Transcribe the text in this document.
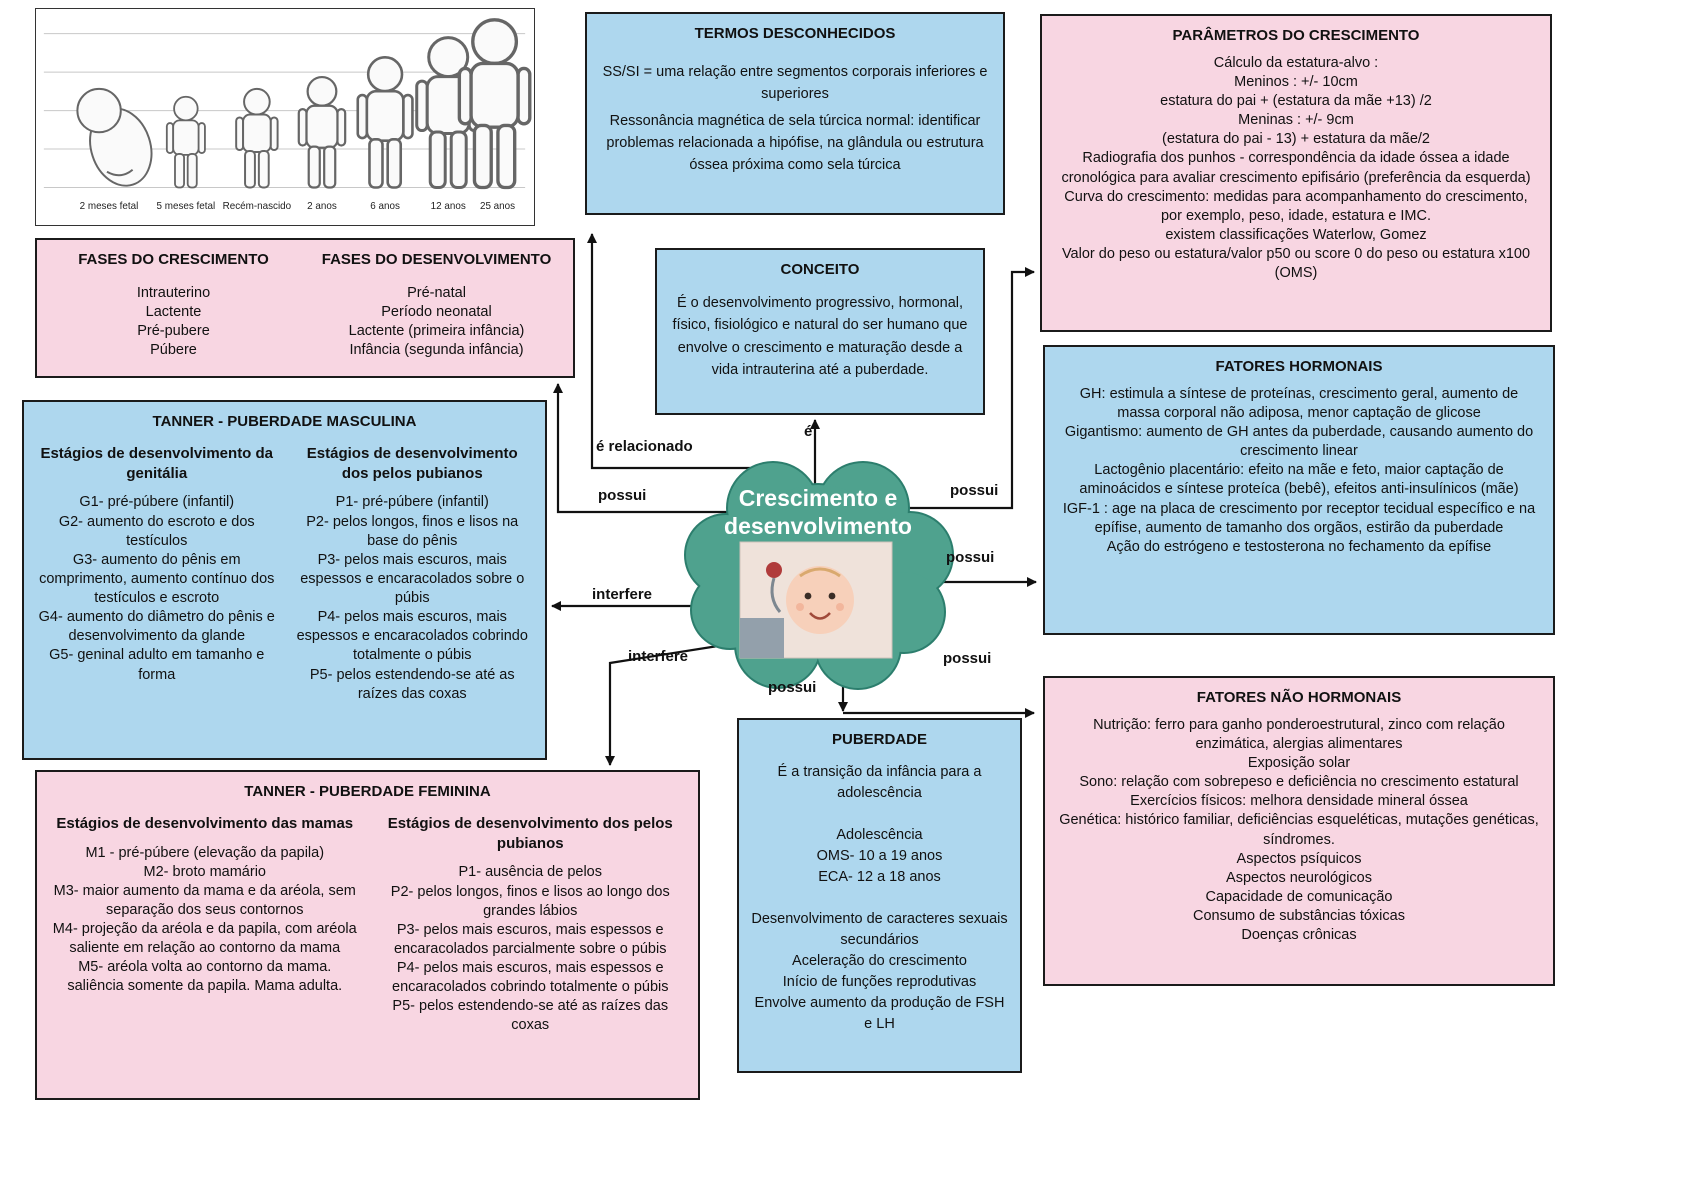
2 meses fetal 5 meses fetal Recém-nascido 2 anos	6 anos	12 anos 25 anos
FASES DO CRESCIMENTO
Intrauterino
Lactente
Pré-pubere
Púbere
FASES DO DESENVOLVIMENTO
Pré-natal
Período neonatal
Lactente (primeira infância)
Infância (segunda infância)
TERMOS DESCONHECIDOS
SS/SI = uma relação entre segmentos corporais inferiores e superiores
Ressonância magnética de sela túrcica normal: identificar problemas relacionada a hipófise, na glândula ou estrutura óssea próxima como sela túrcica
CONCEITO
É o desenvolvimento progressivo, hormonal, físico, fisiológico e natural do ser humano que envolve o crescimento e maturação desde a vida intrauterina até a puberdade.
PARÂMETROS DO CRESCIMENTO
Cálculo da estatura-alvo :
Meninos : +/- 10cm
estatura do pai + (estatura da mãe +13) /2
Meninas : +/- 9cm
(estatura do pai - 13) + estatura da mãe/2
Radiografia dos punhos - correspondência da idade óssea a idade cronológica para avaliar crescimento epifisário (preferência da esquerda)
Curva do crescimento: medidas para acompanhamento do crescimento, por exemplo, peso, idade, estatura e IMC.
existem classificações Waterlow, Gomez
Valor do peso ou estatura/valor p50 ou score 0 do peso ou estatura x100 (OMS)
FATORES HORMONAIS
GH: estimula a síntese de proteínas, crescimento geral, aumento de massa corporal não adiposa, menor captação de glicose
Gigantismo: aumento de GH antes da puberdade, causando aumento do crescimento linear
Lactogênio placentário: efeito na mãe e feto, maior captação de aminoácidos e síntese proteíca (bebê), efeitos anti-insulínicos (mãe)
IGF-1 : age na placa de crescimento por receptor tecidual específico e na epífise, aumento de tamanho dos orgãos, estirão da puberdade
Ação do estrógeno e testosterona no fechamento da epífise
FATORES NÃO HORMONAIS
Nutrição: ferro para ganho ponderoestrutural, zinco com relação enzimática, alergias alimentares
Exposição solar
Sono: relação com sobrepeso e deficiência no crescimento estatural
Exercícios físicos: melhora densidade mineral óssea
Genética: histórico familiar, deficiências esqueléticas, mutações genéticas, síndromes.
Aspectos psíquicos
Aspectos neurológicos
Capacidade de comunicação
Consumo de substâncias tóxicas
Doenças crônicas
TANNER - PUBERDADE MASCULINA
Estágios de desenvolvimento da genitália
G1- pré-púbere (infantil)
G2- aumento do escroto e dos testículos
G3- aumento do pênis em comprimento, aumento contínuo dos testículos e escroto
G4- aumento do diâmetro do pênis e desenvolvimento da glande
G5- geninal adulto em tamanho e forma
Estágios de desenvolvimento dos pelos pubianos
P1- pré-púbere (infantil)
P2- pelos longos, finos e lisos na base do pênis
P3- pelos mais escuros, mais espessos e encaracolados sobre o púbis
P4- pelos mais escuros, mais espessos e encaracolados cobrindo totalmente o púbis
P5- pelos estendendo-se até as raízes das coxas
TANNER - PUBERDADE FEMININA
Estágios de desenvolvimento das mamas
M1 - pré-púbere (elevação da papila)
M2- broto mamário
M3- maior aumento da mama e da aréola, sem separação dos seus contornos
M4- projeção da aréola e da papila, com aréola saliente em relação ao contorno da mama
M5- aréola volta ao contorno da mama. saliência somente da papila. Mama adulta.
Estágios de desenvolvimento dos pelos pubianos
P1- ausência de pelos
P2- pelos longos, finos e lisos ao longo dos grandes lábios
P3- pelos mais escuros, mais espessos e encaracolados parcialmente sobre o púbis
P4- pelos mais escuros, mais espessos e encaracolados cobrindo totalmente o púbis
P5- pelos estendendo-se até as raízes das coxas
PUBERDADE
É a transição da infância para a adolescência
Adolescência
OMS- 10 a 19 anos
ECA- 12 a 18 anos
Desenvolvimento de caracteres sexuais secundários
Aceleração do crescimento
Início de funções reprodutivas
Envolve aumento da produção de FSH e LH
Crescimento e
desenvolvimento
é relacionado
possui
interfere
interfere
é
possui
possui
possui
possui
